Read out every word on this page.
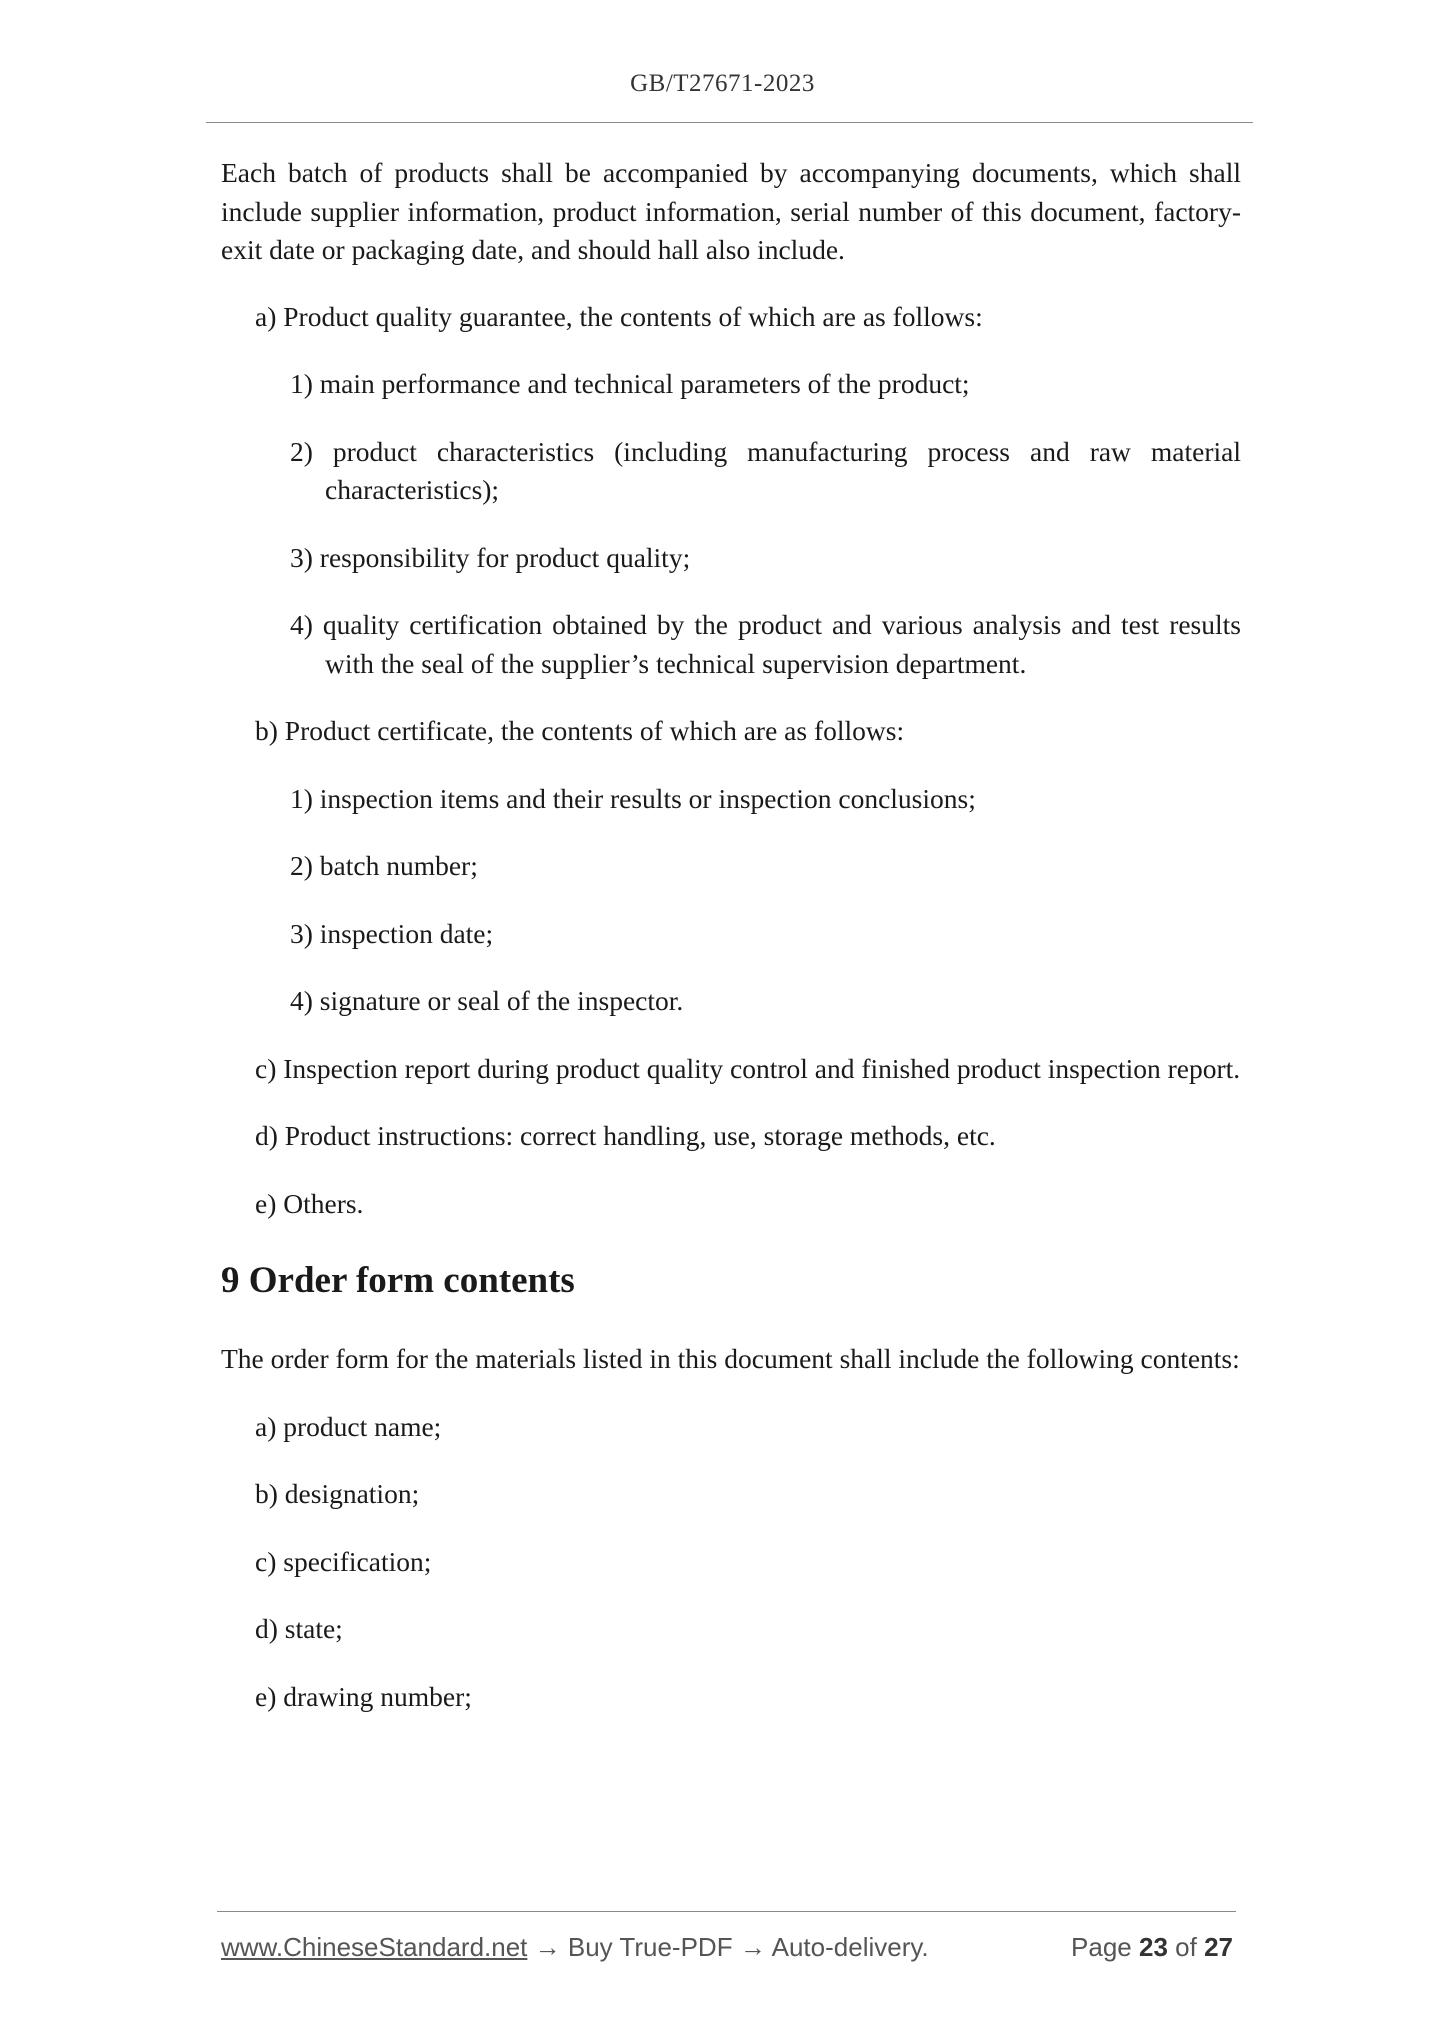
GB/T27671-2023

Each batch of products shall be accompanied by accompanying documents, which shall include supplier information, product information, serial number of this document, factory-exit date or packaging date, and should hall also include.

a) Product quality guarantee, the contents of which are as follows:

1) main performance and technical parameters of the product;

2) product characteristics (including manufacturing process and raw material characteristics);

3) responsibility for product quality;

4) quality certification obtained by the product and various analysis and test results with the seal of the supplier’s technical supervision department.

b) Product certificate, the contents of which are as follows:

1) inspection items and their results or inspection conclusions;

2) batch number;

3) inspection date;

4) signature or seal of the inspector.

c) Inspection report during product quality control and finished product inspection report.

d) Product instructions: correct handling, use, storage methods, etc.

e) Others.

9 Order form contents

The order form for the materials listed in this document shall include the following contents:

a) product name;

b) designation;

c) specification;

d) state;

e) drawing number;

www.ChineseStandard.net → Buy True-PDF → Auto-delivery.	Page 23 of 27
